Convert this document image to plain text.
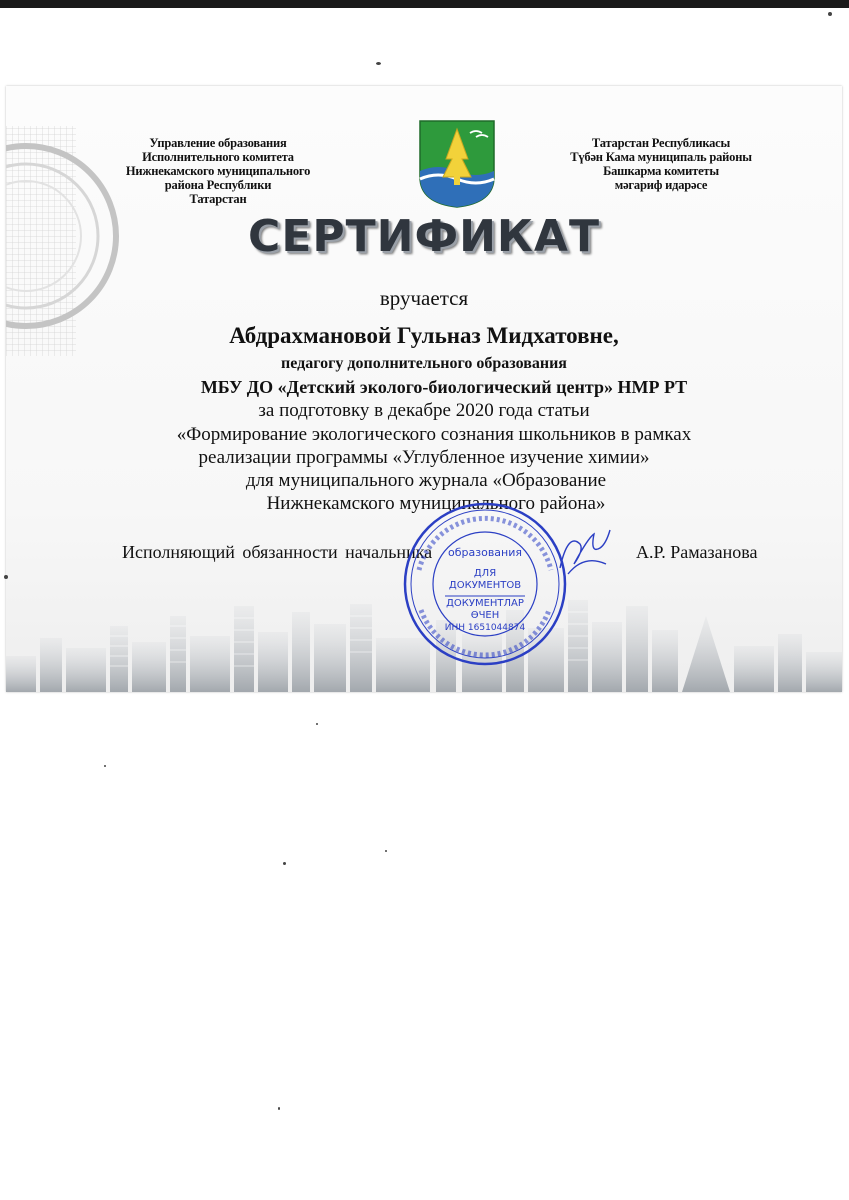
Управление образования
Исполнительного комитета
Нижнекамского муниципального
района Республики
Татарстан
Татарстан Республикасы
Түбән Кама муниципаль районы
Башкарма комитеты
мәгариф идарәсе
СЕРТИФИКАТ
вручается
Абдрахмановой Гульназ Мидхатовне,
педагогу дополнительного образования
МБУ ДО «Детский эколого-биологический центр» НМР РТ
за подготовку в декабре 2020 года статьи
«Формирование экологического сознания школьников в рамках
реализации программы «Углубленное изучение химии»
для муниципального журнала «Образование
Нижнекамского муниципального района»
Исполняющий обязанности начальника	А.Р. Рамазанова
образования
ДЛЯ
ДОКУМЕНТОВ
ДОКУМЕНТЛАР
ӨЧЕН
ИНН 1651044874
